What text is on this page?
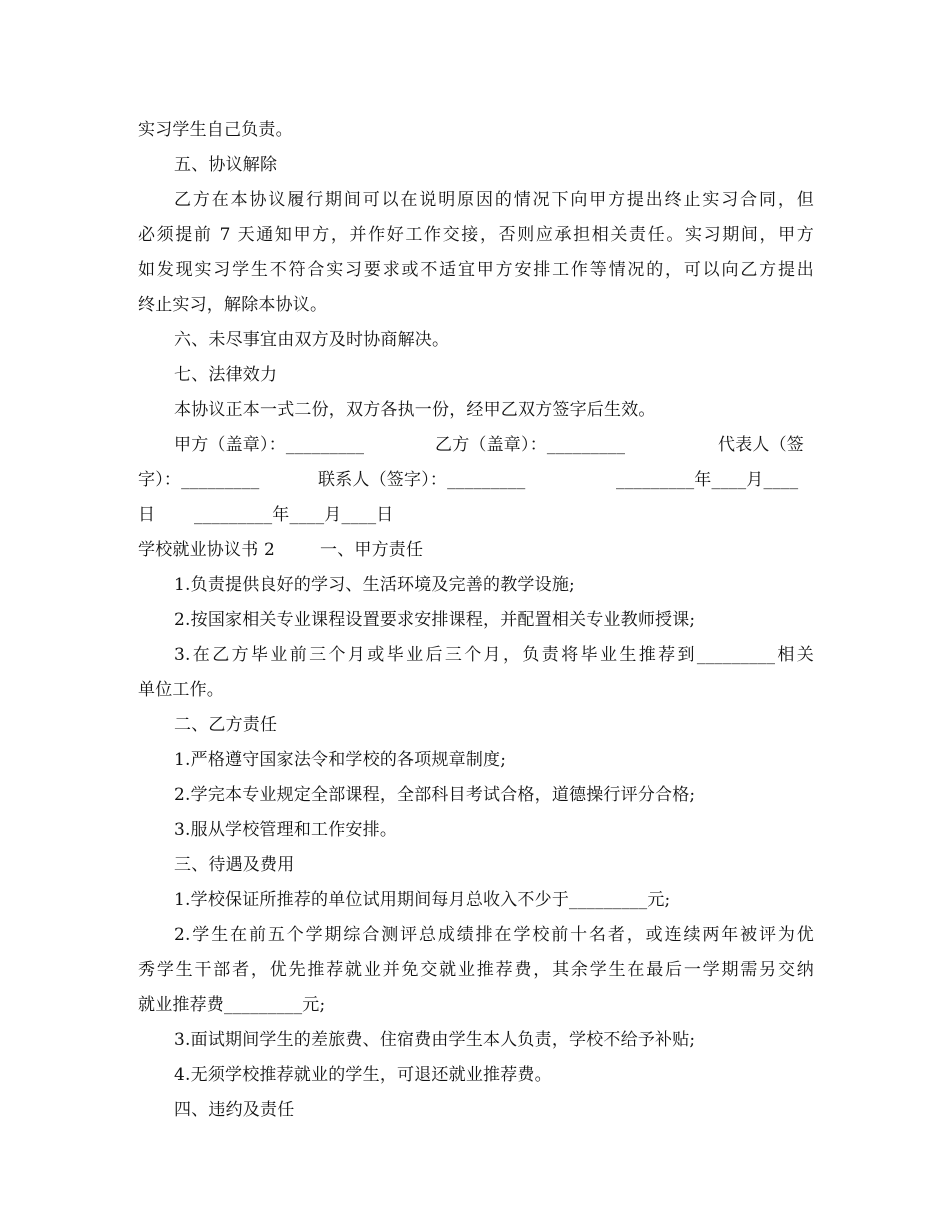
实习学生自己负责。
五、协议解除
乙方在本协议履行期间可以在说明原因的情况下向甲方提出终止实习合同，但
必须提前 7 天通知甲方，并作好工作交接，否则应承担相关责任。实习期间，甲方
如发现实习学生不符合实习要求或不适宜甲方安排工作等情况的，可以向乙方提出
终止实习，解除本协议。
六、未尽事宜由双方及时协商解决。
七、法律效力
本协议正本一式二份，双方各执一份，经甲乙双方签字后生效。
甲方（盖章）：_________	乙方（盖章）：_________	代表人（签
字）：_________	联系人（签字）：_________	_________年____月____
日 _________年____月____日
学校就业协议书 2	一、甲方责任
1.负责提供良好的学习、生活环境及完善的教学设施;
2.按国家相关专业课程设置要求安排课程，并配置相关专业教师授课;
3.在乙方毕业前三个月或毕业后三个月，负责将毕业生推荐到_________相关
单位工作。
二、乙方责任
1.严格遵守国家法令和学校的各项规章制度;
2.学完本专业规定全部课程，全部科目考试合格，道德操行评分合格;
3.服从学校管理和工作安排。
三、待遇及费用
1.学校保证所推荐的单位试用期间每月总收入不少于_________元;
2.学生在前五个学期综合测评总成绩排在学校前十名者，或连续两年被评为优
秀学生干部者，优先推荐就业并免交就业推荐费，其余学生在最后一学期需另交纳
就业推荐费_________元;
3.面试期间学生的差旅费、住宿费由学生本人负责，学校不给予补贴;
4.无须学校推荐就业的学生，可退还就业推荐费。
四、违约及责任
